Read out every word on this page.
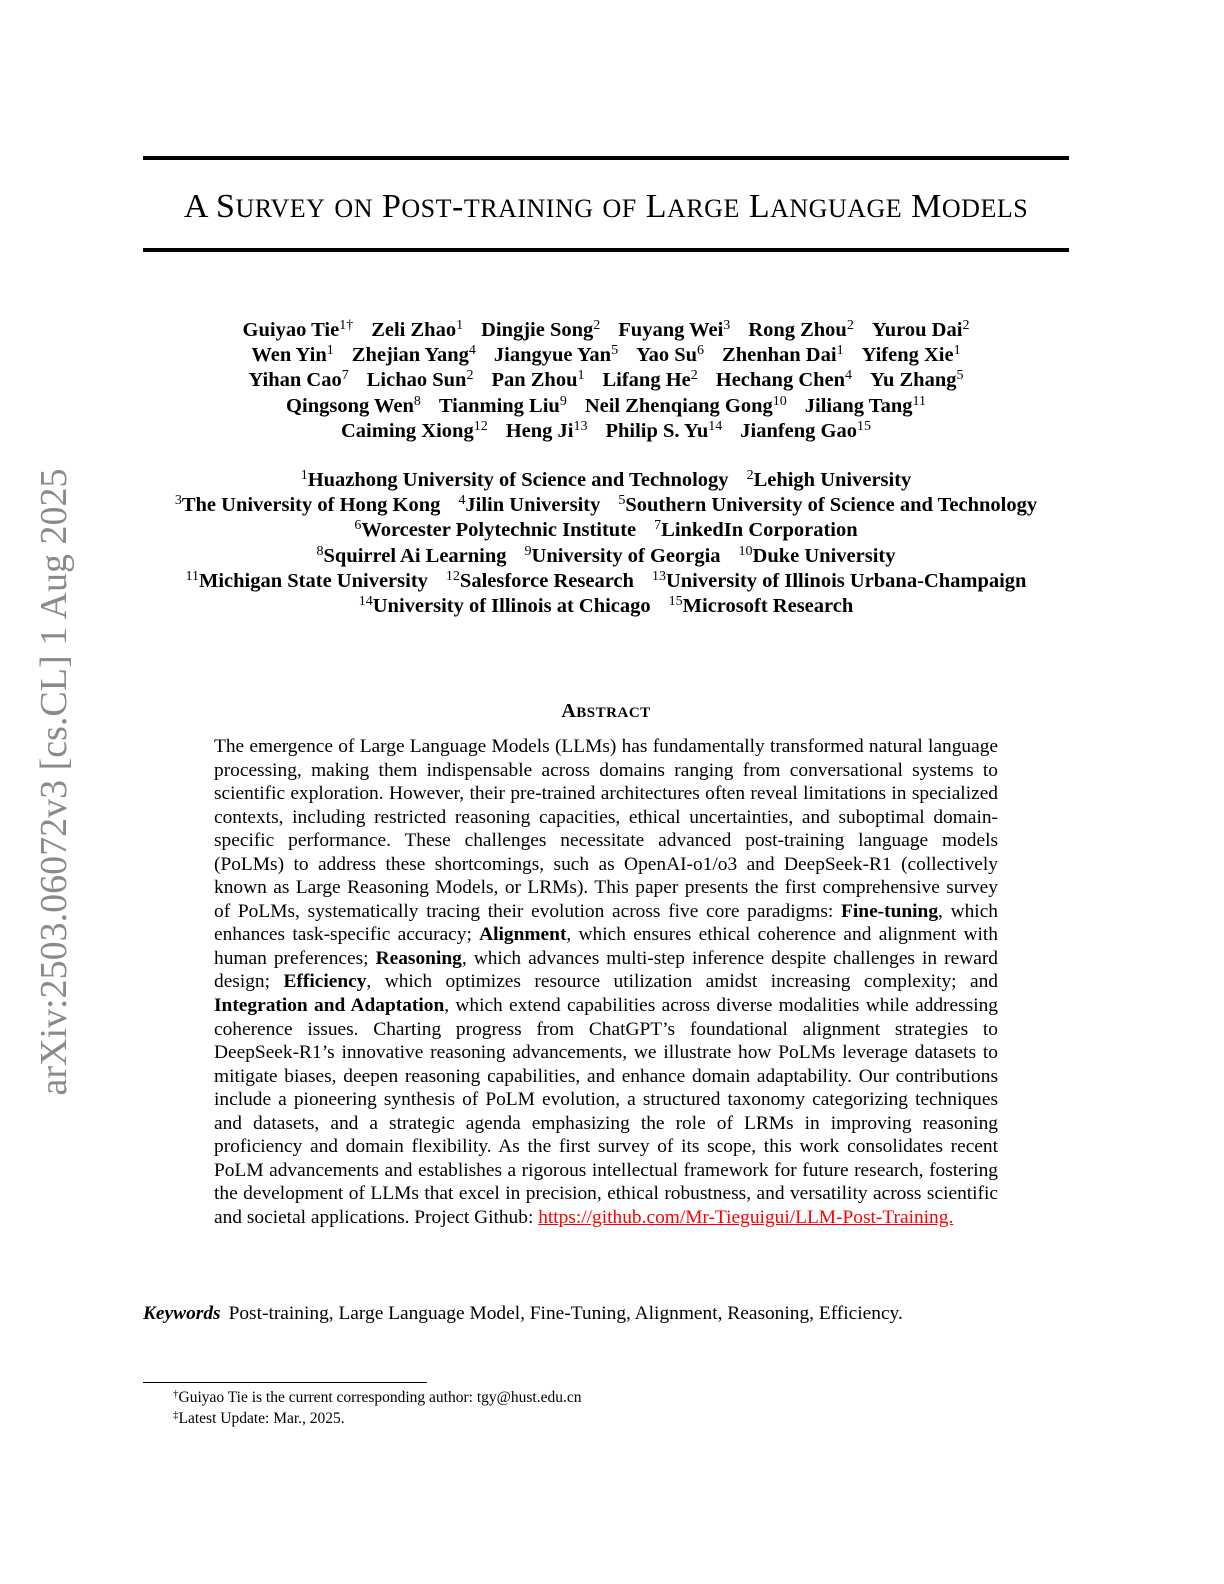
arXiv:2503.06072v3 [cs.CL] 1 Aug 2025
A SURVEY ON POST-TRAINING OF LARGE LANGUAGE MODELS
Guiyao Tie$^{1\dagger}$ Zeli Zhao$^1$ Dingjie Song$^2$ Fuyang Wei$^3$ Rong Zhou$^2$ Yurou Dai$^2$
Wen Yin$^1$ Zhejian Yang$^4$ Jiangyue Yan$^5$ Yao Su$^6$ Zhenhan Dai$^1$ Yifeng Xie$^1$
Yihan Cao$^7$ Lichao Sun$^2$ Pan Zhou$^1$ Lifang He$^2$ Hechang Chen$^4$ Yu Zhang$^5$
Qingsong Wen$^8$ Tianming Liu$^9$ Neil Zhenqiang Gong$^{10}$ Jiliang Tang$^{11}$
Caiming Xiong$^{12}$ Heng Ji$^{13}$ Philip S. Yu$^{14}$ Jianfeng Gao$^{15}$
$^1$Huazhong University of Science and Technology $^2$Lehigh University
$^3$The University of Hong Kong $^4$Jilin University $^5$Southern University of Science and Technology
$^6$Worcester Polytechnic Institute $^7$LinkedIn Corporation
$^8$Squirrel Ai Learning $^9$University of Georgia $^{10}$Duke University
$^{11}$Michigan State University $^{12}$Salesforce Research $^{13}$University of Illinois Urbana-Champaign
$^{14}$University of Illinois at Chicago $^{15}$Microsoft Research
ABSTRACT
The emergence of Large Language Models (LLMs) has fundamentally transformed natural language processing, making them indispensable across domains ranging from conversational systems to scientific exploration. However, their pre-trained architectures often reveal limitations in specialized contexts, including restricted reasoning capacities, ethical uncertainties, and suboptimal domain-specific performance. These challenges necessitate advanced post-training language models (PoLMs) to address these shortcomings, such as OpenAI-o1/o3 and DeepSeek-R1 (collectively known as Large Reasoning Models, or LRMs). This paper presents the first comprehensive survey of PoLMs, systematically tracing their evolution across five core paradigms: Fine-tuning, which enhances task-specific accuracy; Alignment, which ensures ethical coherence and alignment with human preferences; Reasoning, which advances multi-step inference despite challenges in reward design; Efficiency, which optimizes resource utilization amidst increasing complexity; and Integration and Adaptation, which extend capabilities across diverse modalities while addressing coherence issues. Charting progress from ChatGPT’s foundational alignment strategies to DeepSeek-R1’s innovative reasoning advancements, we illustrate how PoLMs leverage datasets to mitigate biases, deepen reasoning capabilities, and enhance domain adaptability. Our contributions include a pioneering synthesis of PoLM evolution, a structured taxonomy categorizing techniques and datasets, and a strategic agenda emphasizing the role of LRMs in improving reasoning proficiency and domain flexibility. As the first survey of its scope, this work consolidates recent PoLM advancements and establishes a rigorous intellectual framework for future research, fostering the development of LLMs that excel in precision, ethical robustness, and versatility across scientific and societal applications. Project Github: https://github.com/Mr-Tieguigui/LLM-Post-Training.
Keywords Post-training, Large Language Model, Fine-Tuning, Alignment, Reasoning, Efficiency.
†Guiyao Tie is the current corresponding author: tgy@hust.edu.cn
‡Latest Update: Mar., 2025.
